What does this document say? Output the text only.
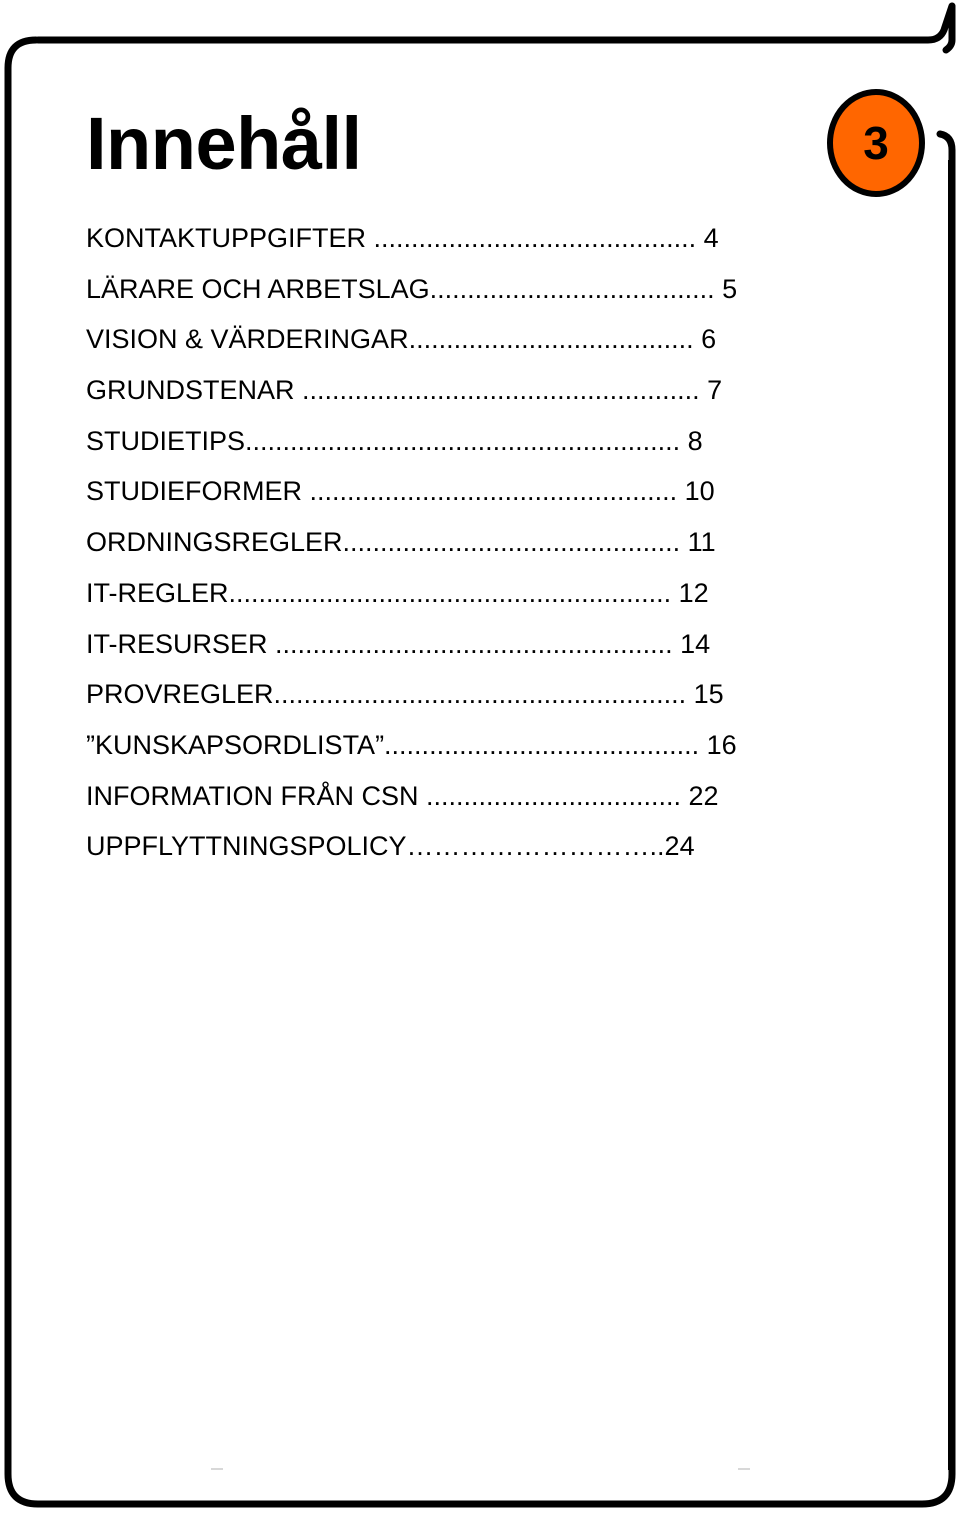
3
Innehåll
KONTAKTUPPGIFTER ........................................... 4
LÄRARE OCH ARBETSLAG...................................... 5
VISION & VÄRDERINGAR...................................... 6
GRUNDSTENAR ..................................................... 7
STUDIETIPS.......................................................... 8
STUDIEFORMER ................................................. 10
ORDNINGSREGLER............................................. 11
IT-REGLER........................................................... 12
IT-RESURSER ..................................................... 14
PROVREGLER....................................................... 15
”KUNSKAPSORDLISTA”.......................................... 16
INFORMATION FRÅN CSN .................................. 22
UPPFLYTTNINGSPOLICY………………………..24
